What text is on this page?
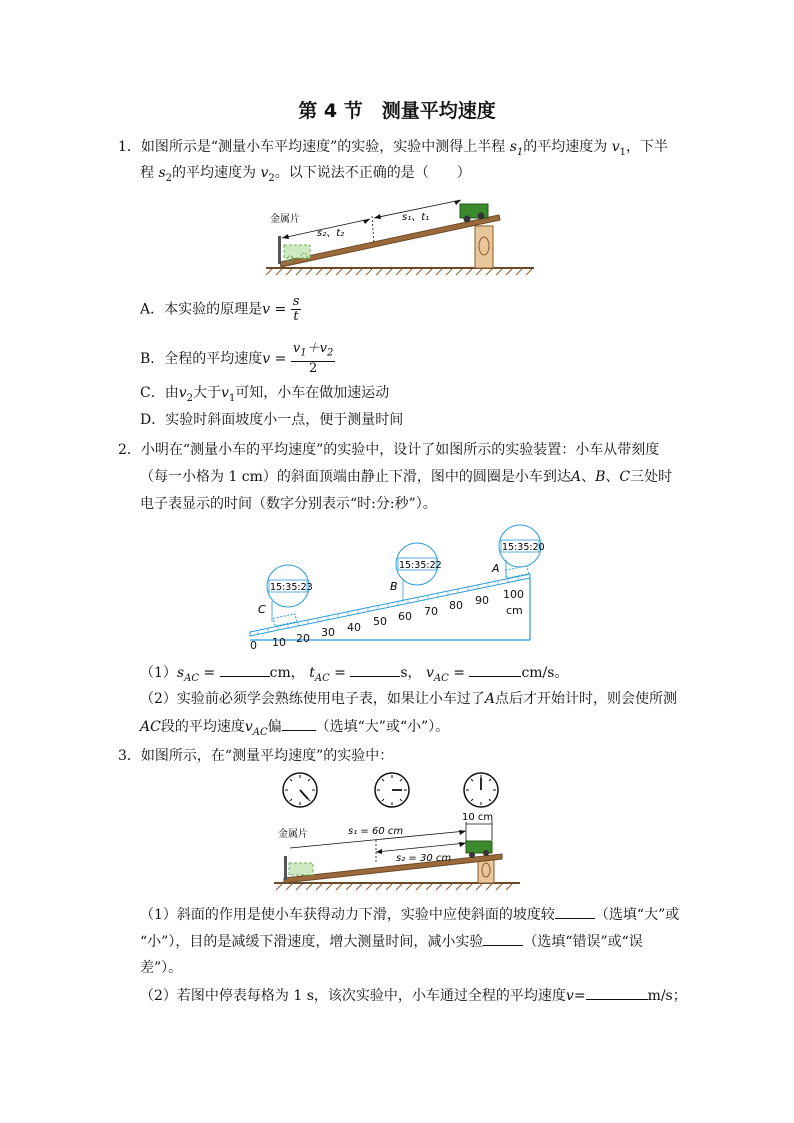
第 4 节　测量平均速度
1．如图所示是“测量小车平均速度”的实验，实验中测得上半程 $s_1$的平均速度为 $v_1$，下半
程 $s_2$的平均速度为 $v_2$。以下说法不正确的是（　　）
金属片
s₂、t₂
s₁、t₁
A．本实验的原理是$v = \frac{s}{t}$
B．全程的平均速度$v = \frac{v_1+v_2}{2}$
C．由$v_2$大于$v_1$可知，小车在做加速运动
D．实验时斜面坡度小一点，便于测量时间
2．小明在“测量小车的平均速度”的实验中，设计了如图所示的实验装置：小车从带刻度
（每一小格为 1 cm）的斜面顶端由静止下滑，图中的圆圈是小车到达A、B、C三处时
电子表显示的时间（数字分别表示“时:分:秒”）。
0 10 20 30 40 50 60 70 80 90 100
cm
15:35:23
C
15:35:22
B
15:35:20
A
$(1)s_{AC}$ =	cm， $t_{AC}$ =	s， $v_{AC}$ =	cm/s。
（2）实验前必须学会熟练使用电子表，如果让小车过了A点后才开始计时，则会使所测
AC段的平均速度$v_{AC}$偏 （选填“大”或“小”）。
3．如图所示，在“测量平均速度”的实验中：
金属片	s₁ = 60 cm
s₂ = 30 cm
10 cm
（1）斜面的作用是使小车获得动力下滑，实验中应使斜面的坡度较	（选填“大”或
“小”），目的是减缓下滑速度，增大测量时间，减小实验	（选填“错误”或“误
差”）。
（2）若图中停表每格为 1 s，该次实验中，小车通过全程的平均速度v=	m/s；
